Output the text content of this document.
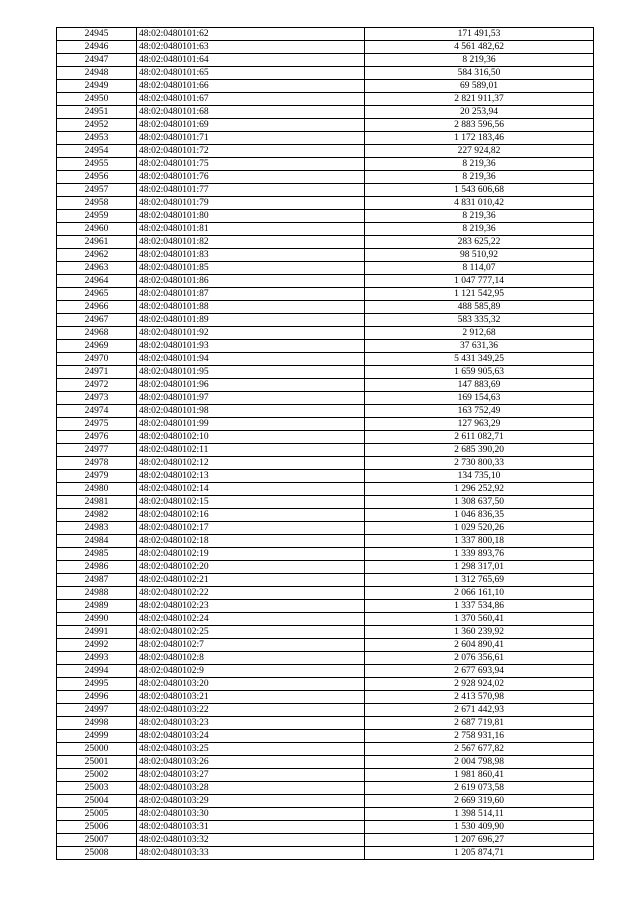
24945	48:02:0480101:62	171 491,53
24946	48:02:0480101:63	4 561 482,62
24947	48:02:0480101:64	8 219,36
24948	48:02:0480101:65	584 316,50
24949	48:02:0480101:66	69 589,01
24950	48:02:0480101:67	2 821 911,37
24951	48:02:0480101:68	20 253,94
24952	48:02:0480101:69	2 883 596,56
24953	48:02:0480101:71	1 172 183,46
24954	48:02:0480101:72	227 924,82
24955	48:02:0480101:75	8 219,36
24956	48:02:0480101:76	8 219,36
24957	48:02:0480101:77	1 543 606,68
24958	48:02:0480101:79	4 831 010,42
24959	48:02:0480101:80	8 219,36
24960	48:02:0480101:81	8 219,36
24961	48:02:0480101:82	283 625,22
24962	48:02:0480101:83	98 510,92
24963	48:02:0480101:85	8 114,07
24964	48:02:0480101:86	1 047 777,14
24965	48:02:0480101:87	1 121 542,95
24966	48:02:0480101:88	488 585,89
24967	48:02:0480101:89	583 335,32
24968	48:02:0480101:92	2 912,68
24969	48:02:0480101:93	37 631,36
24970	48:02:0480101:94	5 431 349,25
24971	48:02:0480101:95	1 659 905,63
24972	48:02:0480101:96	147 883,69
24973	48:02:0480101:97	169 154,63
24974	48:02:0480101:98	163 752,49
24975	48:02:0480101:99	127 963,29
24976	48:02:0480102:10	2 611 082,71
24977	48:02:0480102:11	2 685 390,20
24978	48:02:0480102:12	2 730 800,33
24979	48:02:0480102:13	134 735,10
24980	48:02:0480102:14	1 296 252,92
24981	48:02:0480102:15	1 308 637,50
24982	48:02:0480102:16	1 046 836,35
24983	48:02:0480102:17	1 029 520,26
24984	48:02:0480102:18	1 337 800,18
24985	48:02:0480102:19	1 339 893,76
24986	48:02:0480102:20	1 298 317,01
24987	48:02:0480102:21	1 312 765,69
24988	48:02:0480102:22	2 066 161,10
24989	48:02:0480102:23	1 337 534,86
24990	48:02:0480102:24	1 370 560,41
24991	48:02:0480102:25	1 360 239,92
24992	48:02:0480102:7	2 604 890,41
24993	48:02:0480102:8	2 076 356,61
24994	48:02:0480102:9	2 677 693,94
24995	48:02:0480103:20	2 928 924,02
24996	48:02:0480103:21	2 413 570,98
24997	48:02:0480103:22	2 671 442,93
24998	48:02:0480103:23	2 687 719,81
24999	48:02:0480103:24	2 758 931,16
25000	48:02:0480103:25	2 567 677,82
25001	48:02:0480103:26	2 004 798,98
25002	48:02:0480103:27	1 981 860,41
25003	48:02:0480103:28	2 619 073,58
25004	48:02:0480103:29	2 669 319,60
25005	48:02:0480103:30	1 398 514,11
25006	48:02:0480103:31	1 530 409,90
25007	48:02:0480103:32	1 207 696,27
25008	48:02:0480103:33	1 205 874,71
